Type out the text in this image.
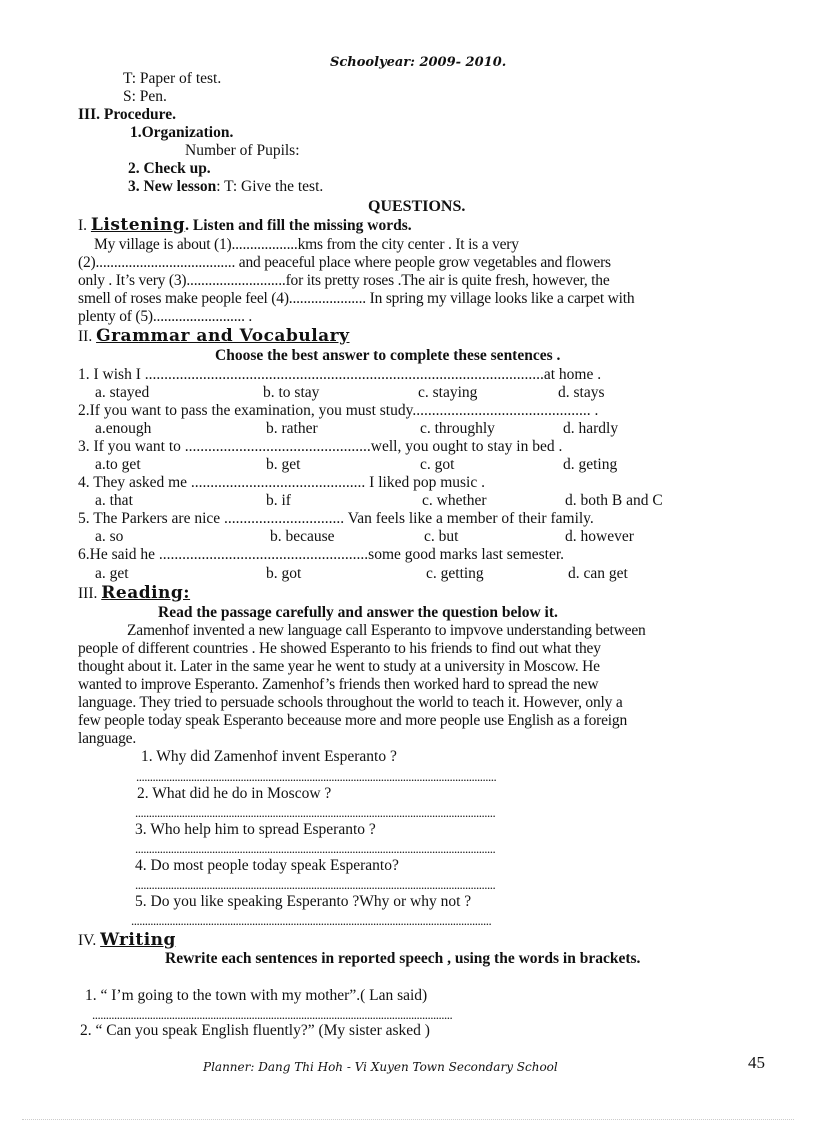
Schoolyear: 2009- 2010.
T: Paper of test.
S: Pen.
III. Procedure.
1.Organization.
Number of Pupils:
2. Check up.
3. New lesson: T: Give the test.
QUESTIONS.
I. Listening. Listen and fill the missing words.
My village is about (1)..................kms from the city center . It is a very
(2)...................................... and peaceful place where people grow vegetables and flowers
only . It’s very (3)...........................for its pretty roses .The air is quite fresh, however, the
smell of roses make people feel (4)..................... In spring my village looks like a carpet with
plenty of (5)......................... .
II. Grammar and Vocabulary
Choose the best answer to complete these sentences .
1. I wish I .......................................................................................................at home .
a. stayed	b. to stay	c. staying	d. stays
2.If you want to pass the examination, you must study.............................................. .
a.enough	b. rather	c. throughly	d. hardly
3. If you want to ................................................well, you ought to stay in bed .
a.to get	b. get	c. got	d. geting
4. They asked me ............................................. I liked pop music .
a. that	b. if	c. whether	d. both B and C
5. The Parkers are nice ............................... Van feels like a member of their family.
a. so	b. because	c. but	d. however
6.He said he ......................................................some good marks last semester.
a. get	b. got	c. getting	d. can get
III. Reading:
Read the passage carefully and answer the question below it.
Zamenhof invented a new language call Esperanto to impvove understanding between
people of different countries . He showed Esperanto to his friends to find out what they
thought about it. Later in the same year he went to study at a university in Moscow. He
wanted to improve Esperanto. Zamenhof’s friends then worked hard to spread the new
language. They tried to persuade schools throughout the world to teach it. However, only a
few people today speak Esperanto beceause more and more people use English as a foreign
language.
1. Why did Zamenhof invent Esperanto ?
...................................................................................................................................
2. What did he do in Moscow ?
...................................................................................................................................
3. Who help him to spread Esperanto ?
...................................................................................................................................
4. Do most people today speak Esperanto?
...................................................................................................................................
5. Do you like speaking Esperanto ?Why or why not ?
...................................................................................................................................
IV. Writing
Rewrite each sentences in reported speech , using the words in brackets.
1. “ I’m going to the town with my mother”.( Lan said)
...................................................................................................................................
2. “ Can you speak English fluently?” (My sister asked )
Planner: Dang Thi Hoh - Vi Xuyen Town Secondary School	45
